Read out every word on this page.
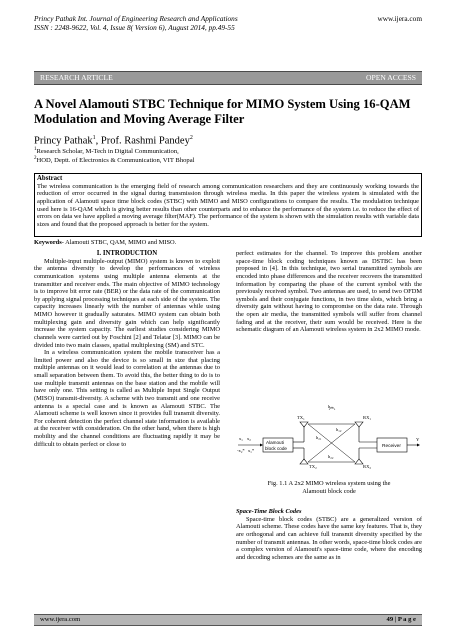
Princy Pathak Int. Journal of Engineering Research and Applications
ISSN : 2248-9622, Vol. 4, Issue 8( Version 6), August 2014, pp.49-55
www.ijera.com
RESEARCH ARTICLE	OPEN ACCESS
A Novel Alamouti STBC Technique for MIMO System Using 16-QAM Modulation and Moving Average Filter
Princy Pathak$^1$, Prof. Rashmi Pandey$^2$
$^1$Research Scholar, M-Tech in Digital Communication,
$^2$HOD, Deptt. of Electronics & Communication, VIT Bhopal
Abstract
The wireless communication is the emerging field of research among communication researchers and they are continuously working towards the reduction of error occurred in the signal during transmission through wireless media. In this paper the wireless system is simulated with the application of Alamouti space time block codes (STBC) with MIMO and MISO configurations to compare the results. The modulation technique used here is 16-QAM which is giving better results than other counterparts and to enhance the performance of the system i.e. to reduce the effect of errors on data we have applied a moving average filter(MAF). The performance of the system is shown with the simulation results with variable data sizes and found that the proposed approach is better for the system.
Keywords- Alamouti STBC, QAM, MIMO and MISO.
I. INTRODUCTION

Multiple-input multiple-output (MIMO) system is known to exploit the antenna diversity to develop the performances of wireless communication systems using multiple antenna elements at the transmitter and receiver ends. The main objective of MIMO technology is to improve bit error rate (BER) or the data rate of the communication by applying signal processing techniques at each side of the system. The capacity increases linearly with the number of antennas while using MIMO however it gradually saturates. MIMO system can obtain both multiplexing gain and diversity gain which can help significantly increase the system capacity. The earliest studies considering MIMO channels were carried out by Foschini [2] and Telatar [3]. MIMO can be divided into two main classes, spatial multiplexing (SM) and STC.

In a wireless communication system the mobile transceiver has a limited power and also the device is so small in size that placing multiple antennas on it would lead to correlation at the antennas due to small separation between them. To avoid this, the better thing to do is to use multiple transmit antennas on the base station and the mobile will have only one. This setting is called as Multiple Input Single Output (MISO) transmit-diversity. A scheme with two transmit and one receive antenna is a special case and is known as Alamouti STBC. The Alamouti scheme is well known since it provides full transmit diversity. For coherent detection the perfect channel state information is available at the receiver with consideration. On the other hand, when there is high mobility and the channel conditions are fluctuating rapidly it may be difficult to obtain perfect or close to

perfect estimates for the channel. To improve this problem another space-time block coding techniques known as DSTBC has been proposed in [4]. In this technique, two serial transmitted symbols are encoded into phase differences and the receiver recovers the transmitted information by comparing the phase of the current symbol with the previously received symbol. Two antennas are used, to send two OFDM symbols and their conjugate functions, in two time slots, which bring a diversity gain without having to compromise on the data rate. Through the open air media, the transmitted symbols will suffer from channel fading and at the receiver, their sum would be received. Here is the schematic diagram of an Alamouti wireless system in 2x2 MIMO mode.

x₁ x₂
-x₂* x₁*
Alamouti
block code
TX₁
TX₂
RX₁
RX₂
h₁₁
h₁₂
h₂₁
h₂₂
Receiver
Y
Fig. 1.1 A 2x2 MIMO wireless system using the
Alamouti block code
Space-Time Block Codes

Space-time block codes (STBC) are a generalized version of Alamouti scheme. These codes have the same key features. That is, they are orthogonal and can achieve full transmit diversity specified by the number of transmit antennas. In other words, space-time block codes are a complex version of Alamouti's space-time code, where the encoding and decoding schemes are the same as in

www.ijera.com	49 | P a g e
